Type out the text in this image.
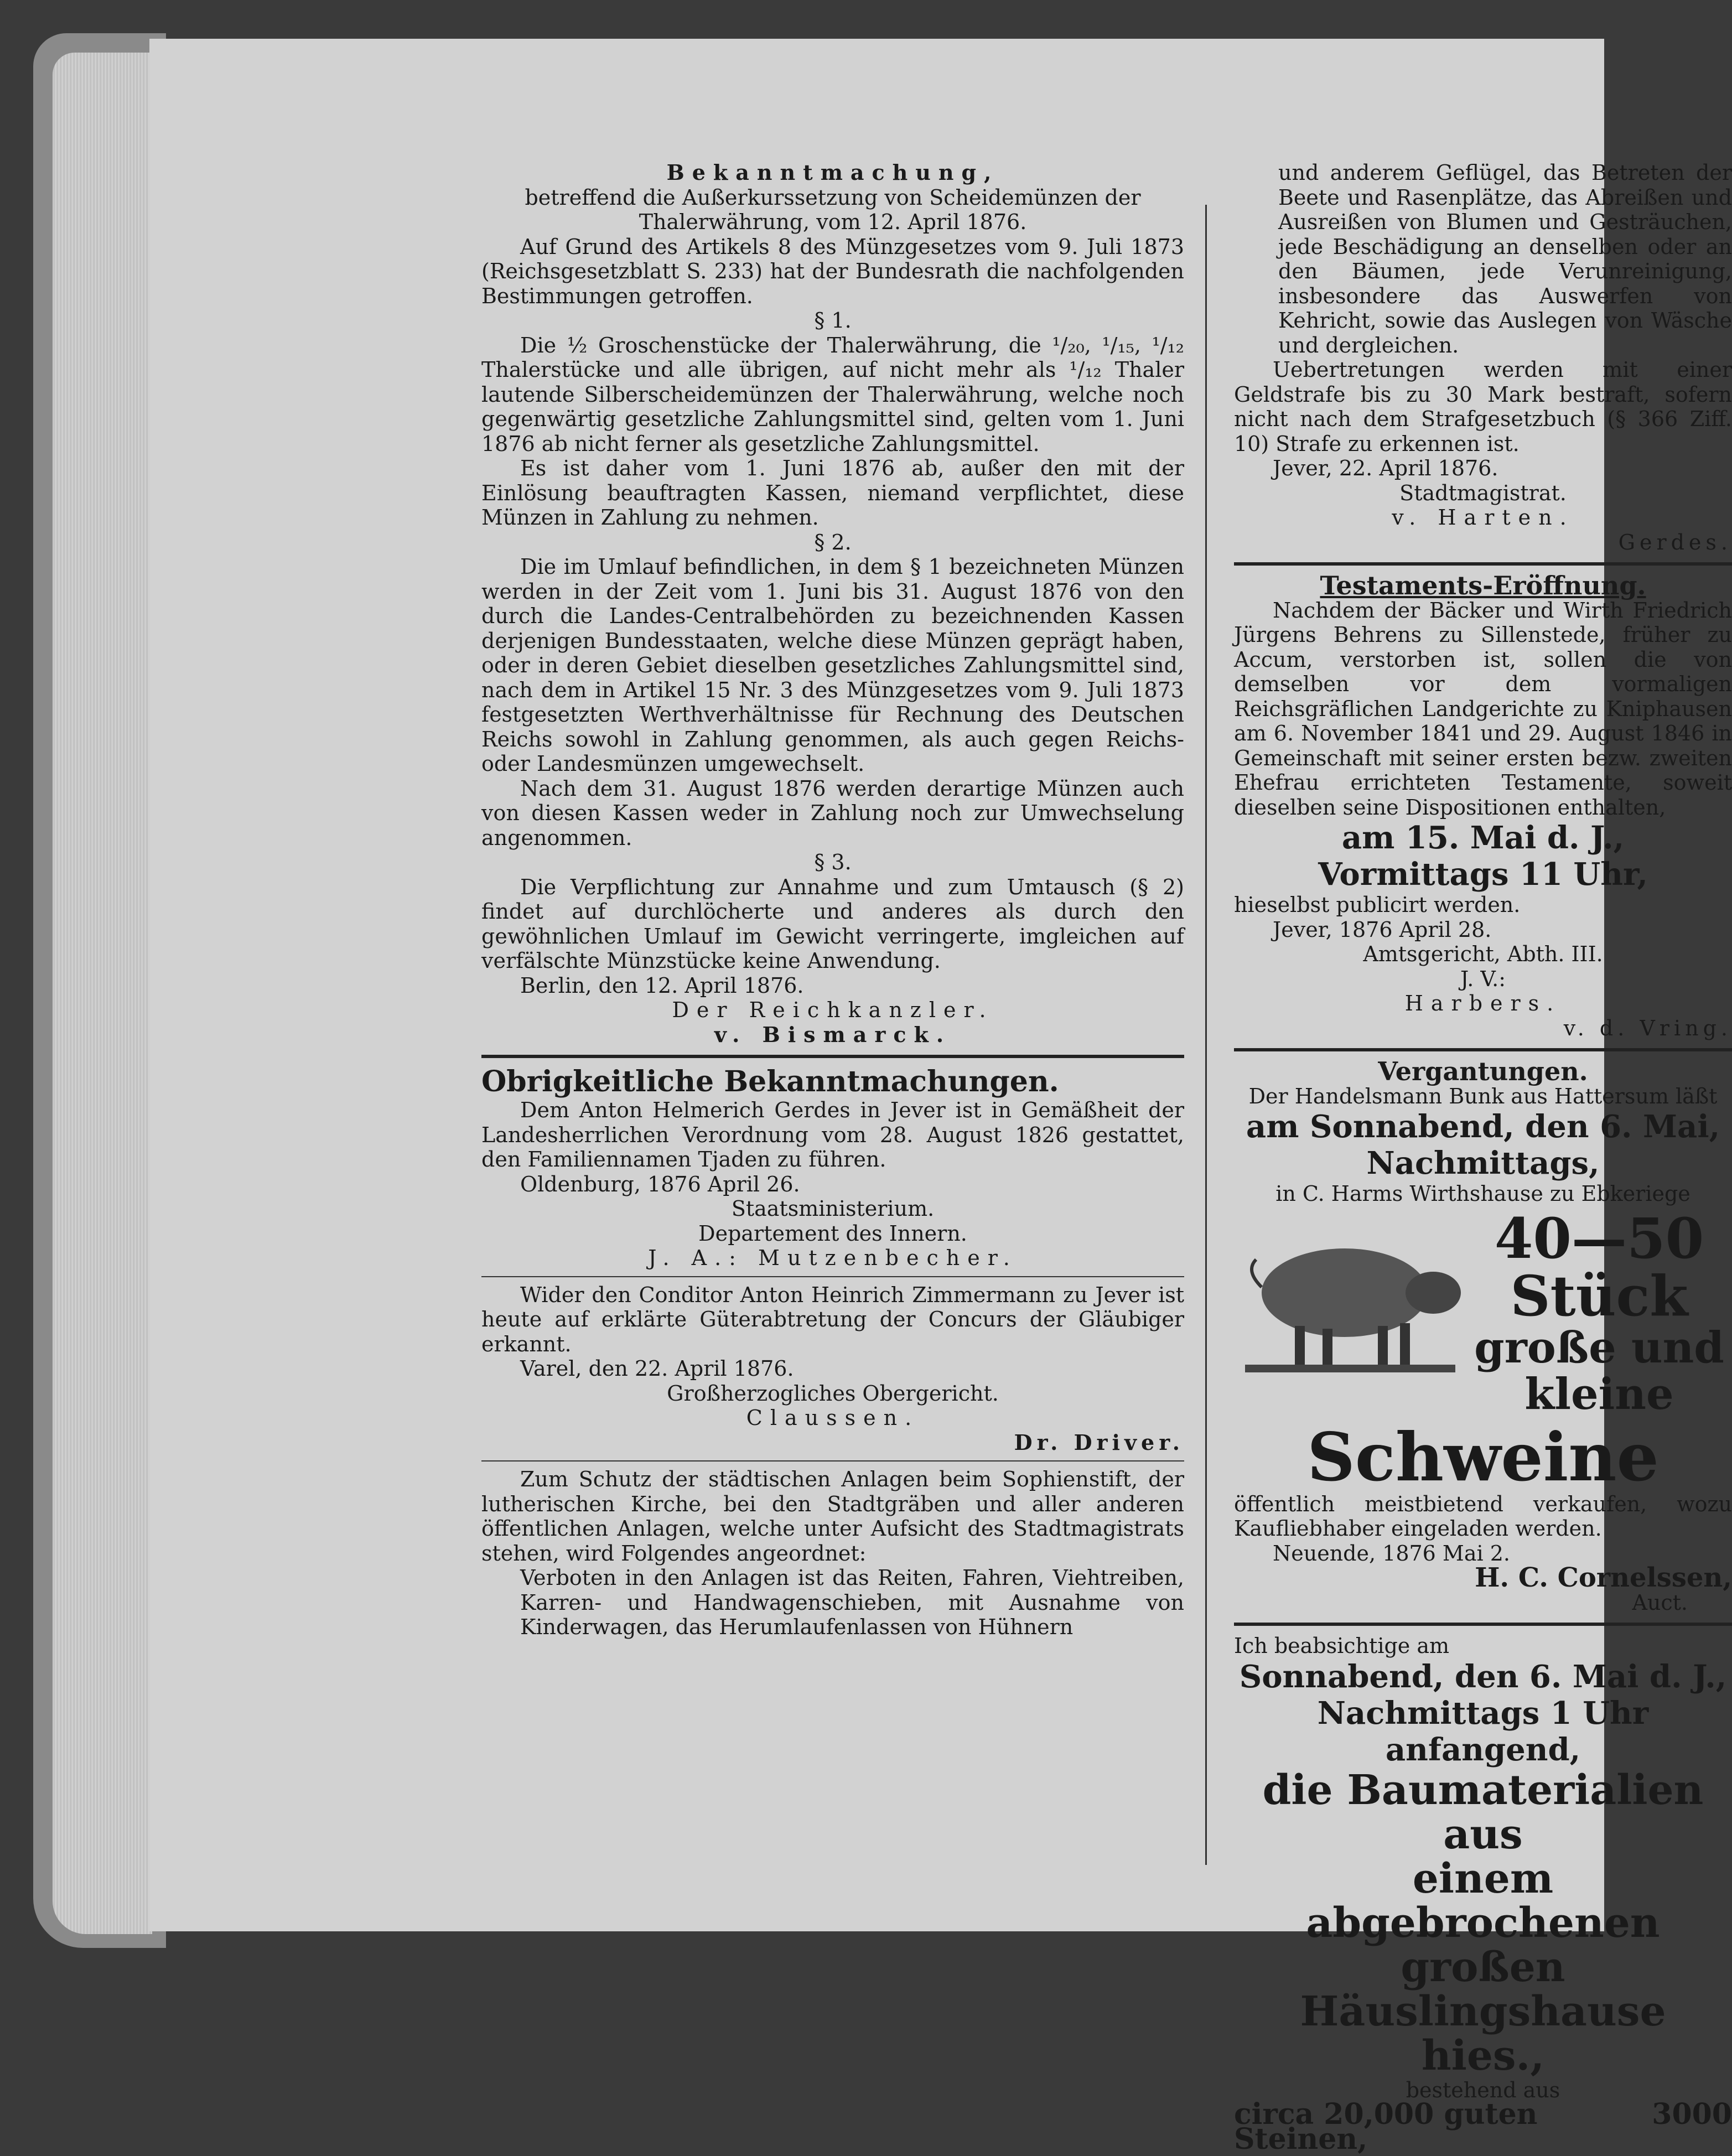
Bekanntmachung,
betreffend die Außerkurssetzung von Scheidemünzen der Thalerwährung, vom 12. April 1876.

Auf Grund des Artikels 8 des Münzgesetzes vom 9. Juli 1873 (Reichsgesetzblatt S. 233) hat der Bundesrath die nachfolgenden Bestimmungen getroffen.

§ 1.

Die ½ Groschenstücke der Thalerwährung, die ¹/₂₀, ¹/₁₅, ¹/₁₂ Thalerstücke und alle übrigen, auf nicht mehr als ¹/₁₂ Thaler lautende Silberscheidemünzen der Thalerwährung, welche noch gegenwärtig gesetzliche Zahlungsmittel sind, gelten vom 1. Juni 1876 ab nicht ferner als gesetzliche Zahlungsmittel.

Es ist daher vom 1. Juni 1876 ab, außer den mit der Einlösung beauftragten Kassen, niemand verpflichtet, diese Münzen in Zahlung zu nehmen.

§ 2.

Die im Umlauf befindlichen, in dem § 1 bezeichneten Münzen werden in der Zeit vom 1. Juni bis 31. August 1876 von den durch die Landes-Centralbehörden zu bezeichnenden Kassen derjenigen Bundesstaaten, welche diese Münzen geprägt haben, oder in deren Gebiet dieselben gesetzliches Zahlungsmittel sind, nach dem in Artikel 15 Nr. 3 des Münzgesetzes vom 9. Juli 1873 festgesetzten Werthverhältnisse für Rechnung des Deutschen Reichs sowohl in Zahlung genommen, als auch gegen Reichs- oder Landesmünzen umgewechselt.

Nach dem 31. August 1876 werden derartige Münzen auch von diesen Kassen weder in Zahlung noch zur Umwechselung angenommen.

§ 3.

Die Verpflichtung zur Annahme und zum Umtausch (§ 2) findet auf durchlöcherte und anderes als durch den gewöhnlichen Umlauf im Gewicht verringerte, imgleichen auf verfälschte Münzstücke keine Anwendung.

Berlin, den 12. April 1876.
Der Reichkanzler.
v. Bismarck.
Obrigkeitliche Bekanntmachungen.

Dem Anton Helmerich Gerdes in Jever ist in Gemäßheit der Landesherrlichen Verordnung vom 28. August 1826 gestattet, den Familiennamen Tjaden zu führen.

Oldenburg, 1876 April 26.
Staatsministerium.
Departement des Innern.
J. A.: Mutzenbecher.

Wider den Conditor Anton Heinrich Zimmermann zu Jever ist heute auf erklärte Güterabtretung der Concurs der Gläubiger erkannt.

Varel, den 22. April 1876.
Großherzogliches Obergericht.
Claussen.
Dr. Driver.

Zum Schutz der städtischen Anlagen beim Sophienstift, der lutherischen Kirche, bei den Stadtgräben und aller anderen öffentlichen Anlagen, welche unter Aufsicht des Stadtmagistrats stehen, wird Folgendes angeordnet:

Verboten in den Anlagen ist das Reiten, Fahren, Viehtreiben, Karren- und Handwagenschieben, mit Ausnahme von Kinderwagen, das Herumlaufenlassen von Hühnern

und anderem Geflügel, das Betreten der Beete und Rasenplätze, das Abreißen und Ausreißen von Blumen und Gesträuchen, jede Beschädigung an denselben oder an den Bäumen, jede Verunreinigung, insbesondere das Auswerfen von Kehricht, sowie das Auslegen von Wäsche und dergleichen.

Uebertretungen werden mit einer Geldstrafe bis zu 30 Mark bestraft, sofern nicht nach dem Strafgesetzbuch (§ 366 Ziff. 10) Strafe zu erkennen ist.

Jever, 22. April 1876.
Stadtmagistrat.
v. Harten.
Gerdes.
Testaments-Eröffnung.

Nachdem der Bäcker und Wirth Friedrich Jürgens Behrens zu Sillenstede, früher zu Accum, verstorben ist, sollen die von demselben vor dem vormaligen Reichsgräflichen Landgerichte zu Kniphausen am 6. November 1841 und 29. August 1846 in Gemeinschaft mit seiner ersten bezw. zweiten Ehefrau errichteten Testamente, soweit dieselben seine Dispositionen enthalten,

am 15. Mai d. J.,
Vormittags 11 Uhr,
hieselbst publicirt werden.
Jever, 1876 April 28.
Amtsgericht, Abth. III.
J. V.:
Harbers.
v. d. Vring.
Vergantungen.
Der Handelsmann Bunk aus Hattersum läßt
am Sonnabend, den 6. Mai,
Nachmittags,
in C. Harms Wirthshause zu Ebkeriege
40—50 Stück
große und
kleine
Schweine

öffentlich meistbietend verkaufen, wozu Kaufliebhaber eingeladen werden.

Neuende, 1876 Mai 2.
H. C. Cornelssen,
Auct.
Ich beabsichtige am
Sonnabend, den 6. Mai d. J.,
Nachmittags 1 Uhr anfangend,
die Baumaterialien aus
einem abgebrochenen großen
Häuslingshause hies.,
bestehend aus
circa 20,000 guten Steinen,
3000
